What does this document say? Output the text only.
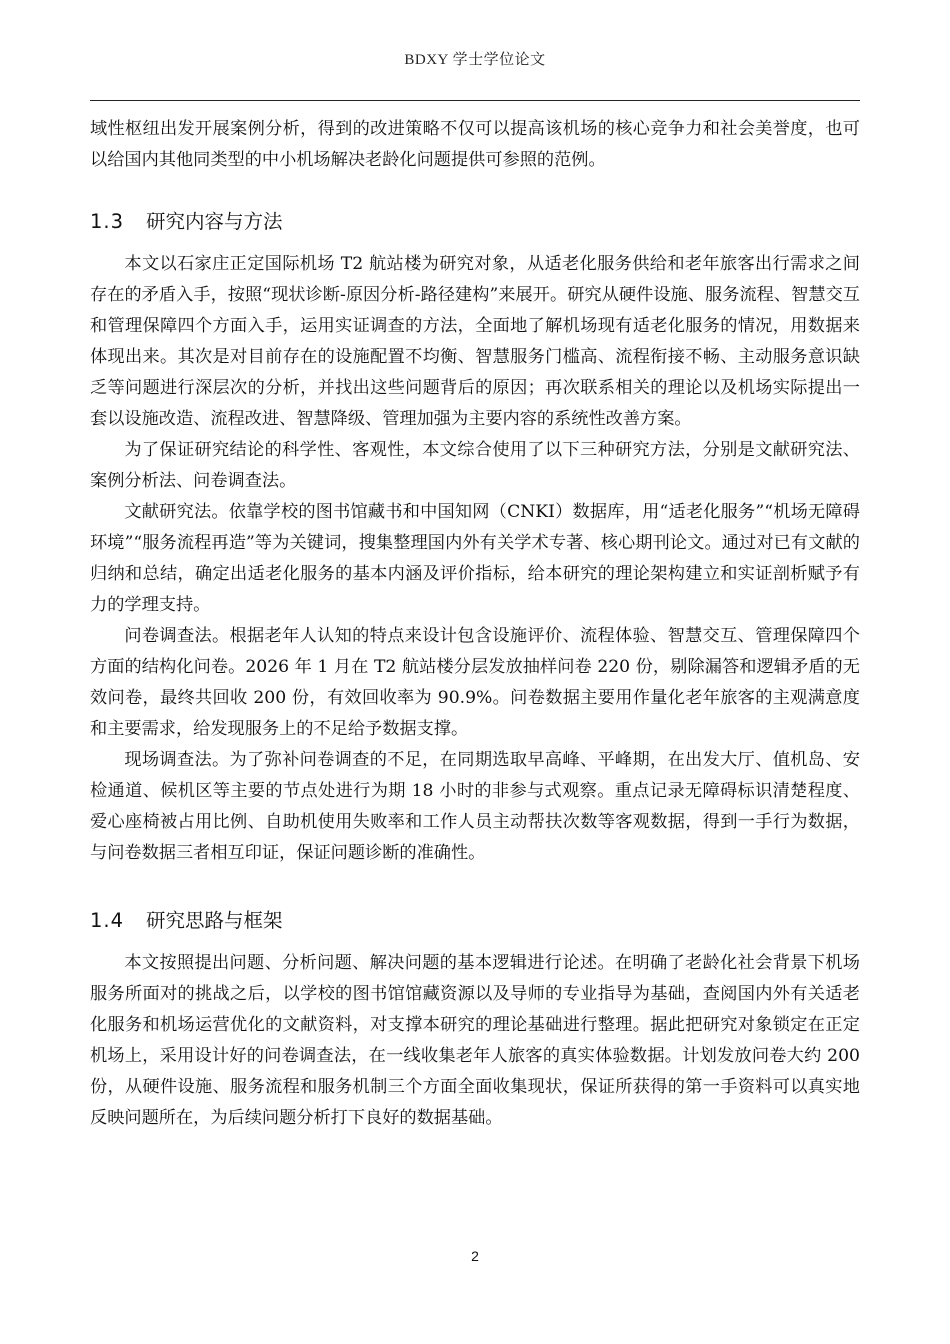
BDXY 学士学位论文

域性枢纽出发开展案例分析，得到的改进策略不仅可以提高该机场的核心竞争力和社会美誉度，也可以给国内其他同类型的中小机场解决老龄化问题提供可参照的范例。

1.3 研究内容与方法

本文以石家庄正定国际机场 T2 航站楼为研究对象，从适老化服务供给和老年旅客出行需求之间存在的矛盾入手，按照“现状诊断-原因分析-路径建构”来展开。研究从硬件设施、服务流程、智慧交互和管理保障四个方面入手，运用实证调查的方法，全面地了解机场现有适老化服务的情况，用数据来体现出来。其次是对目前存在的设施配置不均衡、智慧服务门槛高、流程衔接不畅、主动服务意识缺乏等问题进行深层次的分析，并找出这些问题背后的原因；再次联系相关的理论以及机场实际提出一套以设施改造、流程改进、智慧降级、管理加强为主要内容的系统性改善方案。

为了保证研究结论的科学性、客观性，本文综合使用了以下三种研究方法，分别是文献研究法、案例分析法、问卷调查法。

文献研究法。依靠学校的图书馆藏书和中国知网（CNKI）数据库，用“适老化服务”“机场无障碍环境”“服务流程再造”等为关键词，搜集整理国内外有关学术专著、核心期刊论文。通过对已有文献的归纳和总结，确定出适老化服务的基本内涵及评价指标，给本研究的理论架构建立和实证剖析赋予有力的学理支持。

问卷调查法。根据老年人认知的特点来设计包含设施评价、流程体验、智慧交互、管理保障四个方面的结构化问卷。2026 年 1 月在 T2 航站楼分层发放抽样问卷 220 份，剔除漏答和逻辑矛盾的无效问卷，最终共回收 200 份，有效回收率为 90.9%。问卷数据主要用作量化老年旅客的主观满意度和主要需求，给发现服务上的不足给予数据支撑。

现场调查法。为了弥补问卷调查的不足，在同期选取早高峰、平峰期，在出发大厅、值机岛、安检通道、候机区等主要的节点处进行为期 18 小时的非参与式观察。重点记录无障碍标识清楚程度、爱心座椅被占用比例、自助机使用失败率和工作人员主动帮扶次数等客观数据，得到一手行为数据，与问卷数据三者相互印证，保证问题诊断的准确性。

1.4 研究思路与框架

本文按照提出问题、分析问题、解决问题的基本逻辑进行论述。在明确了老龄化社会背景下机场服务所面对的挑战之后，以学校的图书馆馆藏资源以及导师的专业指导为基础，查阅国内外有关适老化服务和机场运营优化的文献资料，对支撑本研究的理论基础进行整理。据此把研究对象锁定在正定机场上，采用设计好的问卷调查法，在一线收集老年人旅客的真实体验数据。计划发放问卷大约 200 份，从硬件设施、服务流程和服务机制三个方面全面收集现状，保证所获得的第一手资料可以真实地反映问题所在，为后续问题分析打下良好的数据基础。

2
